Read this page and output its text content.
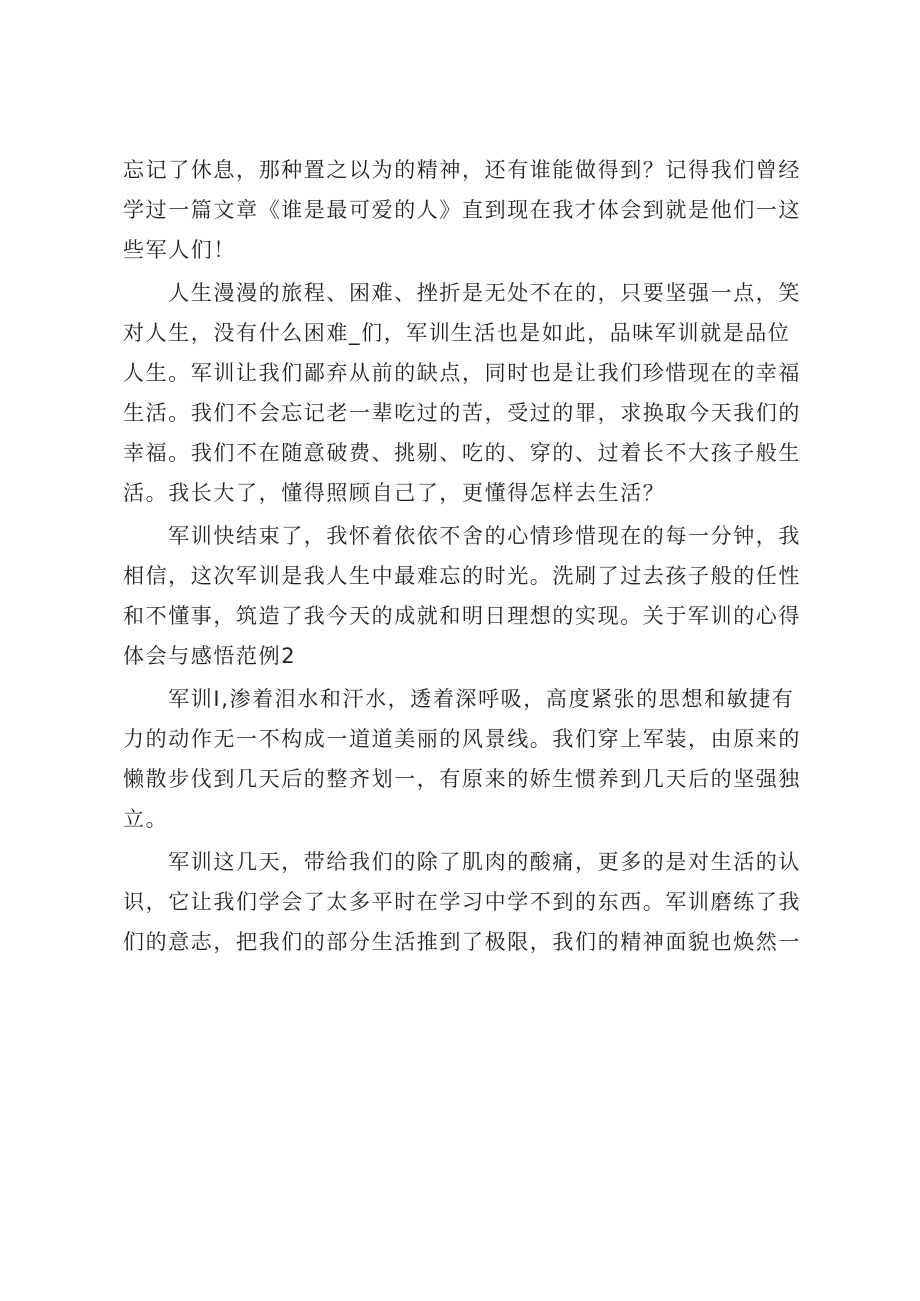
忘记了休息，那种置之以为的精神，还有谁能做得到？记得我们曾经
学过一篇文章《谁是最可爱的人》直到现在我才体会到就是他们一这
些军人们！

　　人生漫漫的旅程、困难、挫折是无处不在的，只要坚强一点，笑
对人生，没有什么困难_们，军训生活也是如此，品味军训就是品位
人生。军训让我们鄙弃从前的缺点，同时也是让我们珍惜现在的幸福
生活。我们不会忘记老一辈吃过的苦，受过的罪，求换取今天我们的
幸福。我们不在随意破费、挑剔、吃的、穿的、过着长不大孩子般生
活。我长大了，懂得照顾自己了，更懂得怎样去生活？

　　军训快结束了，我怀着依依不舍的心情珍惜现在的每一分钟，我
相信，这次军训是我人生中最难忘的时光。洗刷了过去孩子般的任性
和不懂事，筑造了我今天的成就和明日理想的实现。关于军训的心得
体会与感悟范例2

　　军训I,渗着泪水和汗水，透着深呼吸，高度紧张的思想和敏捷有
力的动作无一不构成一道道美丽的风景线。我们穿上军装，由原来的
懒散步伐到几天后的整齐划一，有原来的娇生惯养到几天后的坚强独
立。

　　军训这几天，带给我们的除了肌肉的酸痛，更多的是对生活的认
识，它让我们学会了太多平时在学习中学不到的东西。军训磨练了我
们的意志，把我们的部分生活推到了极限，我们的精神面貌也焕然一
